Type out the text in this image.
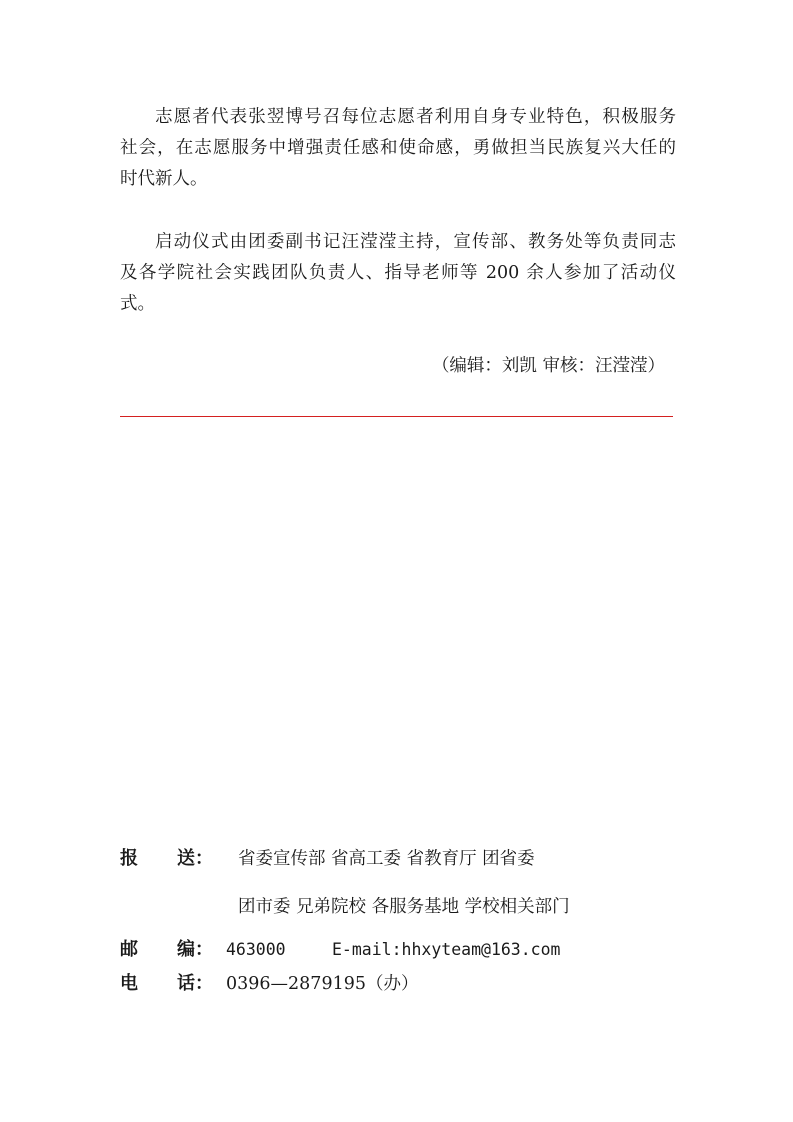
志愿者代表张翌博号召每位志愿者利用自身专业特色，积极服务
社会，在志愿服务中增强责任感和使命感，勇做担当民族复兴大任的
时代新人。
启动仪式由团委副书记汪滢滢主持，宣传部、教务处等负责同志
及各学院社会实践团队负责人、指导老师等 200 余人参加了活动仪
式。
（编辑：刘凯 审核：汪滢滢）
报 送： 省委宣传部 省高工委 省教育厅 团省委
团市委 兄弟院校 各服务基地 学校相关部门
邮 编： 463000	E-mail:hhxyteam@163.com
电 话： 0396—2879195（办）
